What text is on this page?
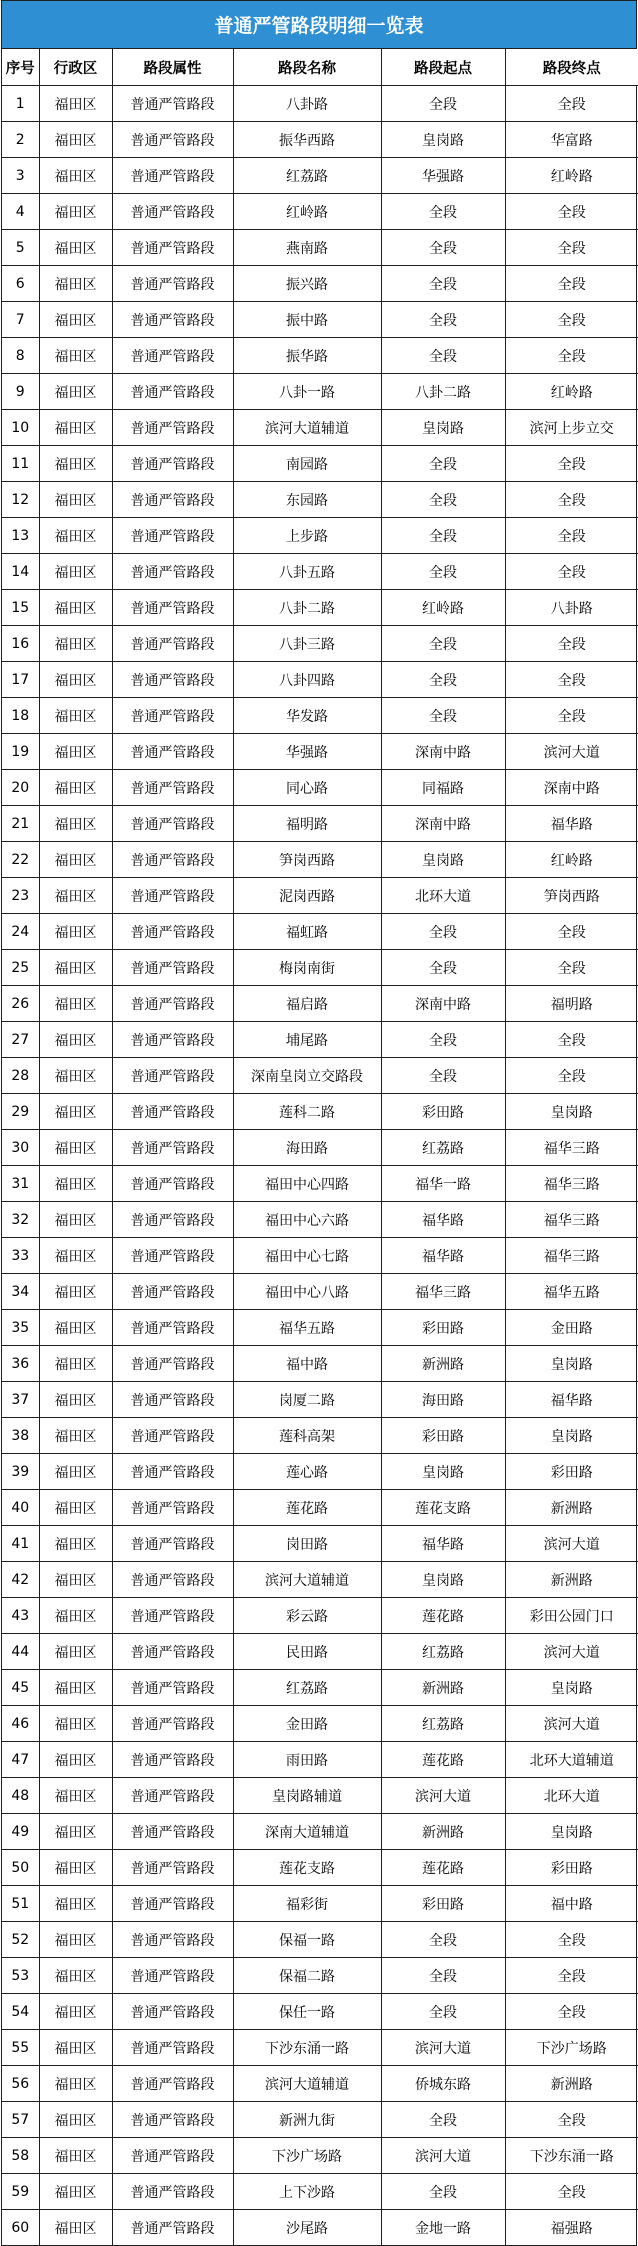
普通严管路段明细一览表
序号	行政区	路段属性	路段名称	路段起点	路段终点
1	福田区	普通严管路段	八卦路	全段	全段
2	福田区	普通严管路段	振华西路	皇岗路	华富路
3	福田区	普通严管路段	红荔路	华强路	红岭路
4	福田区	普通严管路段	红岭路	全段	全段
5	福田区	普通严管路段	燕南路	全段	全段
6	福田区	普通严管路段	振兴路	全段	全段
7	福田区	普通严管路段	振中路	全段	全段
8	福田区	普通严管路段	振华路	全段	全段
9	福田区	普通严管路段	八卦一路	八卦二路	红岭路
10	福田区	普通严管路段	滨河大道辅道	皇岗路	滨河上步立交
11	福田区	普通严管路段	南园路	全段	全段
12	福田区	普通严管路段	东园路	全段	全段
13	福田区	普通严管路段	上步路	全段	全段
14	福田区	普通严管路段	八卦五路	全段	全段
15	福田区	普通严管路段	八卦二路	红岭路	八卦路
16	福田区	普通严管路段	八卦三路	全段	全段
17	福田区	普通严管路段	八卦四路	全段	全段
18	福田区	普通严管路段	华发路	全段	全段
19	福田区	普通严管路段	华强路	深南中路	滨河大道
20	福田区	普通严管路段	同心路	同福路	深南中路
21	福田区	普通严管路段	福明路	深南中路	福华路
22	福田区	普通严管路段	笋岗西路	皇岗路	红岭路
23	福田区	普通严管路段	泥岗西路	北环大道	笋岗西路
24	福田区	普通严管路段	福虹路	全段	全段
25	福田区	普通严管路段	梅岗南街	全段	全段
26	福田区	普通严管路段	福启路	深南中路	福明路
27	福田区	普通严管路段	埔尾路	全段	全段
28	福田区	普通严管路段	深南皇岗立交路段	全段	全段
29	福田区	普通严管路段	莲科二路	彩田路	皇岗路
30	福田区	普通严管路段	海田路	红荔路	福华三路
31	福田区	普通严管路段	福田中心四路	福华一路	福华三路
32	福田区	普通严管路段	福田中心六路	福华路	福华三路
33	福田区	普通严管路段	福田中心七路	福华路	福华三路
34	福田区	普通严管路段	福田中心八路	福华三路	福华五路
35	福田区	普通严管路段	福华五路	彩田路	金田路
36	福田区	普通严管路段	福中路	新洲路	皇岗路
37	福田区	普通严管路段	岗厦二路	海田路	福华路
38	福田区	普通严管路段	莲科高架	彩田路	皇岗路
39	福田区	普通严管路段	莲心路	皇岗路	彩田路
40	福田区	普通严管路段	莲花路	莲花支路	新洲路
41	福田区	普通严管路段	岗田路	福华路	滨河大道
42	福田区	普通严管路段	滨河大道辅道	皇岗路	新洲路
43	福田区	普通严管路段	彩云路	莲花路	彩田公园门口
44	福田区	普通严管路段	民田路	红荔路	滨河大道
45	福田区	普通严管路段	红荔路	新洲路	皇岗路
46	福田区	普通严管路段	金田路	红荔路	滨河大道
47	福田区	普通严管路段	雨田路	莲花路	北环大道辅道
48	福田区	普通严管路段	皇岗路辅道	滨河大道	北环大道
49	福田区	普通严管路段	深南大道辅道	新洲路	皇岗路
50	福田区	普通严管路段	莲花支路	莲花路	彩田路
51	福田区	普通严管路段	福彩街	彩田路	福中路
52	福田区	普通严管路段	保福一路	全段	全段
53	福田区	普通严管路段	保福二路	全段	全段
54	福田区	普通严管路段	保任一路	全段	全段
55	福田区	普通严管路段	下沙东涌一路	滨河大道	下沙广场路
56	福田区	普通严管路段	滨河大道辅道	侨城东路	新洲路
57	福田区	普通严管路段	新洲九街	全段	全段
58	福田区	普通严管路段	下沙广场路	滨河大道	下沙东涌一路
59	福田区	普通严管路段	上下沙路	全段	全段
60	福田区	普通严管路段	沙尾路	金地一路	福强路
